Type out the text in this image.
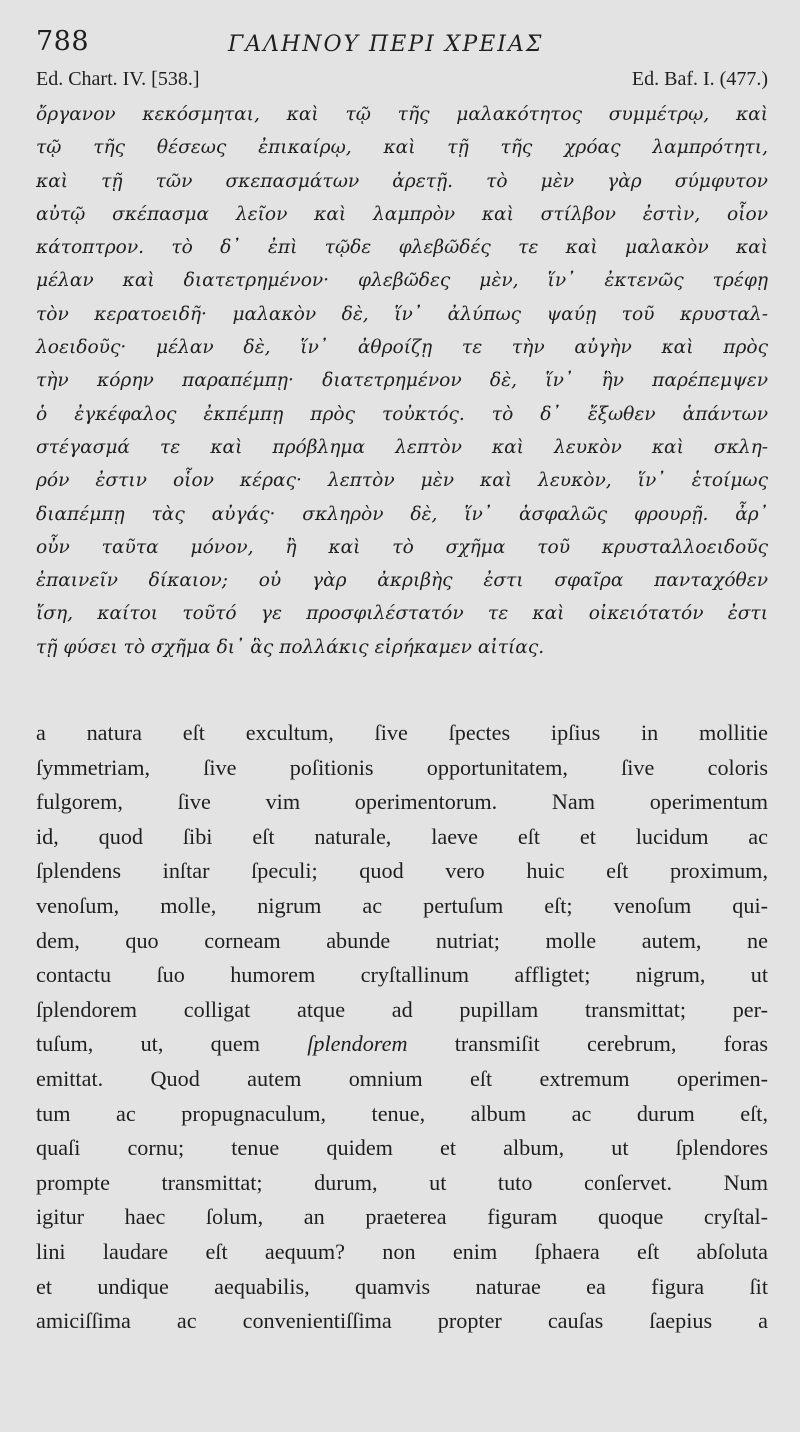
788	ΓΑΛΗΝΟΥ ΠΕΡΙ ΧΡΕΙΑΣ
Ed. Chart. IV. [538.]	Ed. Baf. I. (477.)
ὄργανον κεκόσμηται, καὶ τῷ τῆς μαλακότητος συμμέτρῳ, καὶ
τῷ τῆς θέσεως ἐπικαίρῳ, καὶ τῇ τῆς χρόας λαμπρότητι,
καὶ τῇ τῶν σκεπασμάτων ἀρετῇ. τὸ μὲν γὰρ σύμφυτον
αὐτῷ σκέπασμα λεῖον καὶ λαμπρὸν καὶ στίλβον ἐστὶν, οἷον
κάτοπτρον. τὸ δ᾽ ἐπὶ τῷδε φλεβῶδές τε καὶ μαλακὸν καὶ
μέλαν καὶ διατετρημένον· φλεβῶδες μὲν, ἵν᾽ ἐκτενῶς τρέφῃ
τὸν κερατοειδῆ· μαλακὸν δὲ, ἵν᾽ ἀλύπως ψαύῃ τοῦ κρυσταλ-
λοειδοῦς· μέλαν δὲ, ἵν᾽ ἀθροίζῃ τε τὴν αὐγὴν καὶ πρὸς
τὴν κόρην παραπέμπῃ· διατετρημένον δὲ, ἵν᾽ ἣν παρέπεμψεν
ὁ ἐγκέφαλος ἐκπέμπῃ πρὸς τοὐκτός. τὸ δ᾽ ἔξωθεν ἁπάντων
στέγασμά τε καὶ πρόβλημα λεπτὸν καὶ λευκὸν καὶ σκλη-
ρόν ἐστιν οἷον κέρας· λεπτὸν μὲν καὶ λευκὸν, ἵν᾽ ἑτοίμως
διαπέμπῃ τὰς αὐγάς· σκληρὸν δὲ, ἵν᾽ ἀσφαλῶς φρουρῇ. ἆρ᾽
οὖν ταῦτα μόνον, ἢ καὶ τὸ σχῆμα τοῦ κρυσταλλοειδοῦς
ἐπαινεῖν δίκαιον; οὐ γὰρ ἀκριβὴς ἐστι σφαῖρα πανταχόθεν
ἴση, καίτοι τοῦτό γε προσφιλέστατόν τε καὶ οἰκειότατόν ἐστι
τῇ φύσει τὸ σχῆμα δι᾽ ἃς πολλάκις εἰρήκαμεν αἰτίας.
a natura eſt excultum, ſive ſpectes ipſius in mollitie
ſymmetriam, ſive poſitionis opportunitatem, ſive coloris
fulgorem, ſive vim operimentorum. Nam operimentum
id, quod ſibi eſt naturale, laeve eſt et lucidum ac
ſplendens inſtar ſpeculi; quod vero huic eſt proximum,
venoſum, molle, nigrum ac pertuſum eſt; venoſum qui-
dem, quo corneam abunde nutriat; molle autem, ne
contactu ſuo humorem cryſtallinum affligtet; nigrum, ut
ſplendorem colligat atque ad pupillam transmittat; per-
tuſum, ut, quem ſplendorem transmiſit cerebrum, foras
emittat. Quod autem omnium eſt extremum operimen-
tum ac propugnaculum, tenue, album ac durum eſt,
quaſi cornu; tenue quidem et album, ut ſplendores
prompte transmittat; durum, ut tuto conſervet. Num
igitur haec ſolum, an praeterea figuram quoque cryſtal-
lini laudare eſt aequum? non enim ſphaera eſt abſoluta
et undique aequabilis, quamvis naturae ea figura ſit
amiciſſima ac convenientiſſima propter cauſas ſaepius a
